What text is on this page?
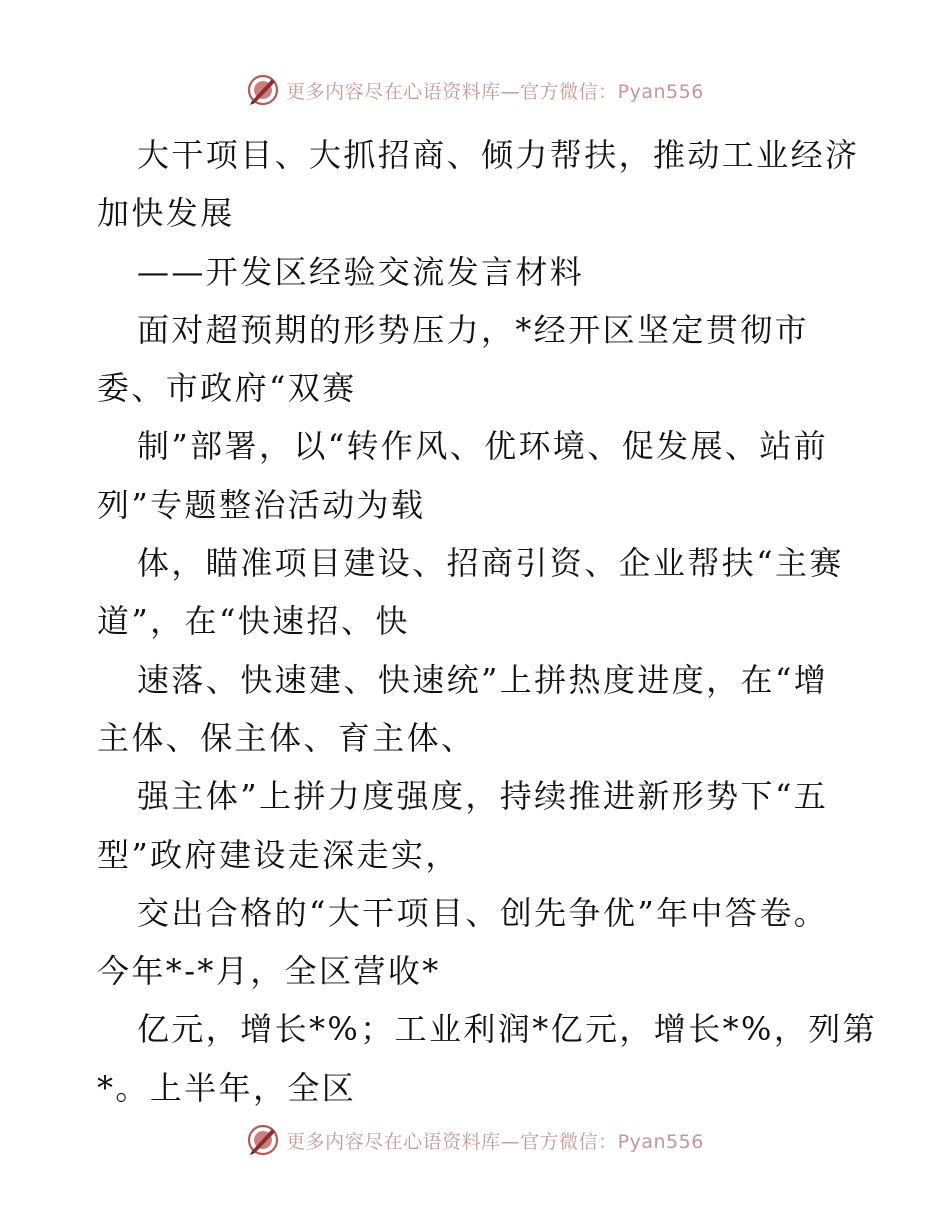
更多内容尽在心语资料库—官方微信：Pyan556
大干项目、大抓招商、倾力帮扶，推动工业经济
加快发展
——开发区经验交流发言材料
面对超预期的形势压力，*经开区坚定贯彻市
委、市政府“双赛
制”部署，以“转作风、优环境、促发展、站前
列”专题整治活动为载
体，瞄准项目建设、招商引资、企业帮扶“主赛
道”，在“快速招、快
速落、快速建、快速统”上拼热度进度，在“增
主体、保主体、育主体、
强主体”上拼力度强度，持续推进新形势下“五
型”政府建设走深走实，
交出合格的“大干项目、创先争优”年中答卷。
今年*-*月，全区营收*
亿元，增长*%；工业利润*亿元，增长*%，列第
*。上半年，全区
更多内容尽在心语资料库—官方微信：Pyan556
